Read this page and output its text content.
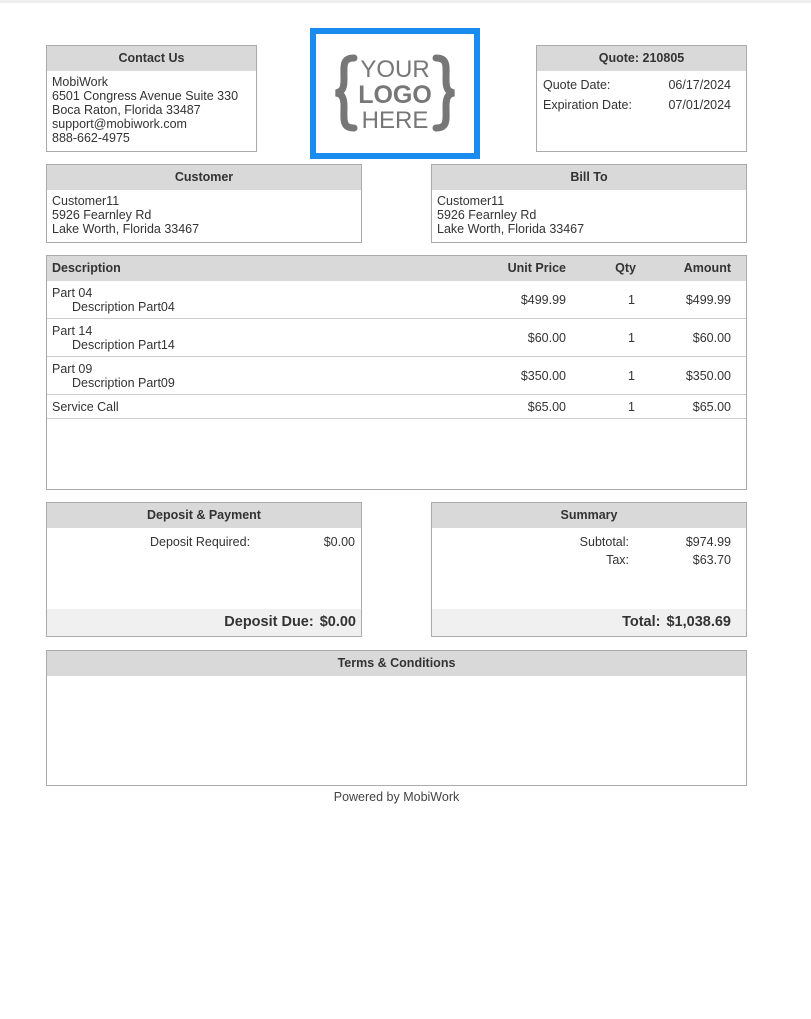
Contact Us
MobiWork
6501 Congress Avenue Suite 330
Boca Raton, Florida 33487
support@mobiwork.com
888-662-4975
YOUR
LOGO
HERE
Quote: 210805
Quote Date:	06/17/2024
Expiration Date:	07/01/2024
Customer
Customer11
5926 Fearnley Rd
Lake Worth, Florida 33467
Bill To
Customer11
5926 Fearnley Rd
Lake Worth, Florida 33467
Description	Unit Price	Qty	Amount
Part 04
Description Part04	$499.99	1	$499.99
Part 14
Description Part14	$60.00	1	$60.00
Part 09
Description Part09	$350.00	1	$350.00
Service Call	$65.00	1	$65.00
Deposit & Payment
Deposit Required:	$0.00
Deposit Due: $0.00
Summary
Subtotal:	$974.99
Tax:	$63.70
Total: $1,038.69
Terms & Conditions
Powered by MobiWork
